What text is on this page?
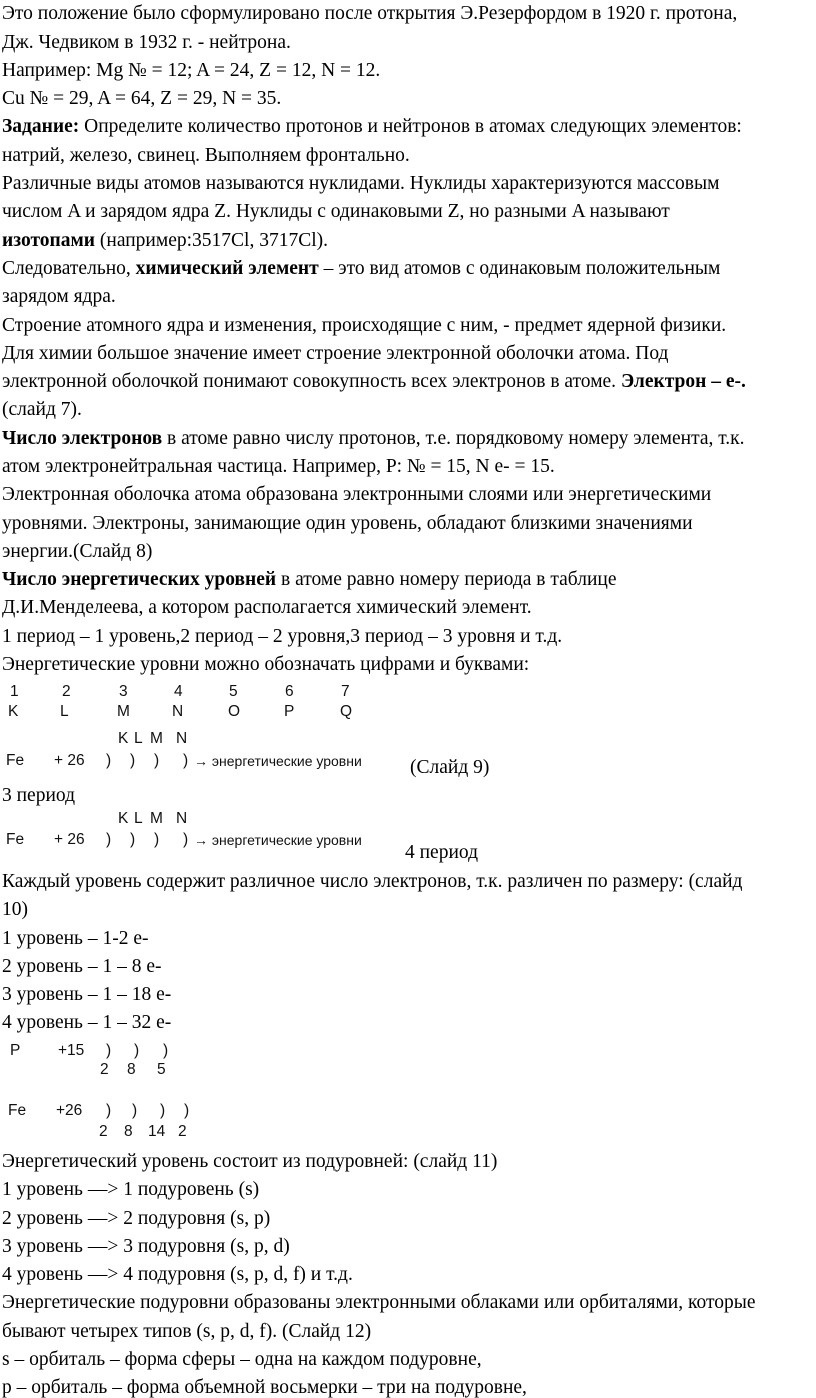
Это положение было сформулировано после открытия Э.Резерфордом в 1920 г. протона,
Дж. Чедвиком в 1932 г. - нейтрона.
Например: Mg № = 12; A = 24, Z = 12, N = 12.
Cu № = 29, A = 64, Z = 29, N = 35.
Задание: Определите количество протонов и нейтронов в атомах следующих элементов:
натрий, железо, свинец. Выполняем фронтально.
Различные виды атомов называются нуклидами. Нуклиды характеризуются массовым
числом A и зарядом ядра Z. Нуклиды с одинаковыми Z, но разными A называют
изотопами (например:3517Cl, 3717Cl).
Следовательно, химический элемент – это вид атомов с одинаковым положительным
зарядом ядра.
Строение атомного ядра и изменения, происходящие с ним, - предмет ядерной физики.
Для химии большое значение имеет строение электронной оболочки атома. Под
электронной оболочкой понимают совокупность всех электронов в атоме. Электрон – е-.
(слайд 7).
Число электронов в атоме равно числу протонов, т.е. порядковому номеру элемента, т.к.
атом электронейтральная частица. Например, P: № = 15, N e- = 15.
Электронная оболочка атома образована электронными слоями или энергетическими
уровнями. Электроны, занимающие один уровень, обладают близкими значениями
энергии.(Слайд 8)
Число энергетических уровней в атоме равно номеру периода в таблице
Д.И.Менделеева, а котором располагается химический элемент.
1 период – 1 уровень,2 период – 2 уровня,3 период – 3 уровня и т.д.
Энергетические уровни можно обозначать цифрами и буквами:
1	2	3	4	5	6	7
K	L	M	N	O	P	Q
K L M N
Fe + 26 ) ) ) ) → энергетические уровни (Слайд 9)
3 период
K L M N
Fe + 26 ) ) ) ) → энергетические уровни
4 период
Каждый уровень содержит различное число электронов, т.к. различен по размеру: (слайд
10)
1 уровень – 1-2 е-
2 уровень – 1 – 8 е-
3 уровень – 1 – 18 е-
4 уровень – 1 – 32 е-
P +15 ) ) )
2 8 5
Fe +26 ) ) ) )
2 8 14 2
Энергетический уровень состоит из подуровней: (слайд 11)
1 уровень —> 1 подуровень (s)
2 уровень —> 2 подуровня (s, p)
3 уровень —> 3 подуровня (s, p, d)
4 уровень —> 4 подуровня (s, p, d, f) и т.д.
Энергетические подуровни образованы электронными облаками или орбиталями, которые
бывают четырех типов (s, p, d, f). (Слайд 12)
s – орбиталь – форма сферы – одна на каждом подуровне,
p – орбиталь – форма объемной восьмерки – три на подуровне,
